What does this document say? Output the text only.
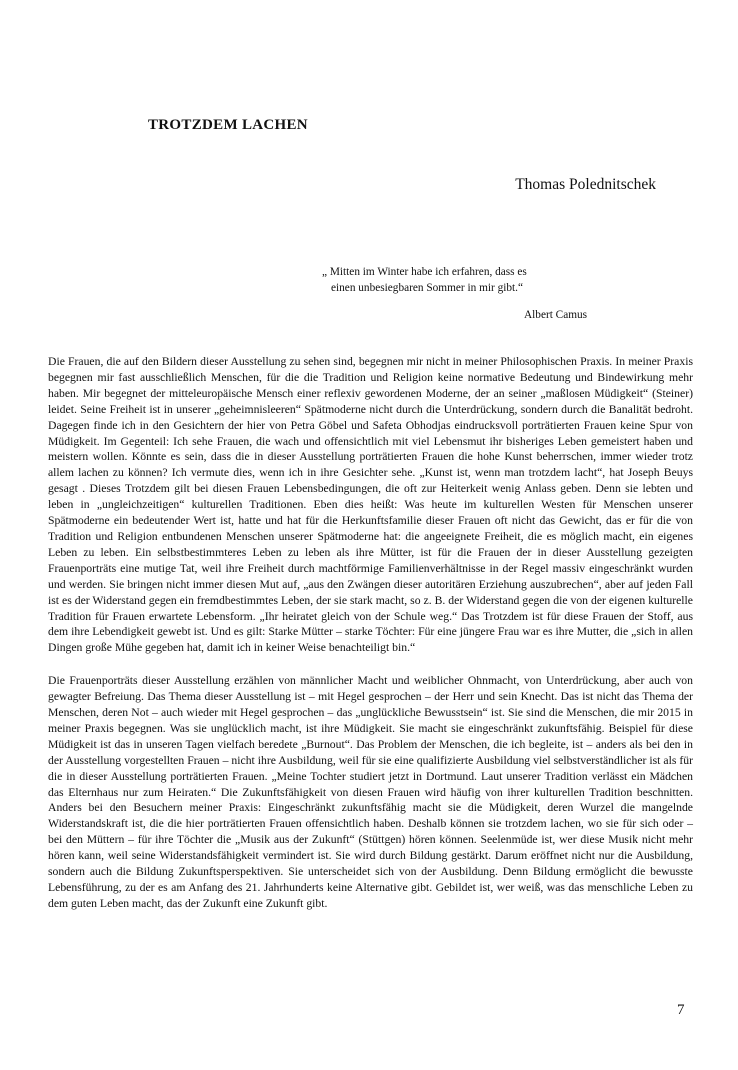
TROTZDEM LACHEN

Thomas Polednitschek

„ Mitten im Winter habe ich erfahren, dass es
einen unbesiegbaren Sommer in mir gibt.“

Albert Camus

Die Frauen, die auf den Bildern dieser Ausstellung zu sehen sind, begegnen mir nicht in meiner Philosophischen Praxis. In meiner Praxis begegnen mir fast ausschließlich Menschen, für die die Tradition und Religion keine normative Bedeutung und Bindewirkung mehr haben. Mir begegnet der mitteleuropäische Mensch einer reflexiv gewordenen Moderne, der an seiner „maßlosen Müdigkeit“ (Steiner) leidet. Seine Freiheit ist in unserer „geheimnisleeren“ Spätmoderne nicht durch die Unterdrückung, sondern durch die Banalität bedroht. Dagegen finde ich in den Gesichtern der hier von Petra Göbel und Safeta Obhodjas eindrucksvoll porträtierten Frauen keine Spur von Müdigkeit. Im Gegenteil: Ich sehe Frauen, die wach und offensichtlich mit viel Lebensmut ihr bisheriges Leben gemeistert haben und meistern wollen. Könnte es sein, dass die in dieser Ausstellung porträtierten Frauen die hohe Kunst beherrschen, immer wieder trotz allem lachen zu können? Ich vermute dies, wenn ich in ihre Gesichter sehe. „Kunst ist, wenn man trotzdem lacht“, hat Joseph Beuys gesagt . Dieses Trotzdem gilt bei diesen Frauen Lebensbedingungen, die oft zur Heiterkeit wenig Anlass geben. Denn sie lebten und leben in „ungleichzeitigen“ kulturellen Traditionen. Eben dies heißt: Was heute im kulturellen Westen für Menschen unserer Spätmoderne ein bedeutender Wert ist, hatte und hat für die Herkunftsfamilie dieser Frauen oft nicht das Gewicht, das er für die von Tradition und Religion entbundenen Menschen unserer Spätmoderne hat: die angeeignete Freiheit, die es möglich macht, ein eigenes Leben zu leben. Ein selbstbestimmteres Leben zu leben als ihre Mütter, ist für die Frauen der in dieser Ausstellung gezeigten Frauenporträts eine mutige Tat, weil ihre Freiheit durch machtförmige Familienverhältnisse in der Regel massiv eingeschränkt wurden und werden. Sie bringen nicht immer diesen Mut auf, „aus den Zwängen dieser autoritären Erziehung auszubrechen“, aber auf jeden Fall ist es der Widerstand gegen ein fremdbestimmtes Leben, der sie stark macht, so z. B. der Widerstand gegen die von der eigenen kulturelle Tradition für Frauen erwartete Lebensform. „Ihr heiratet gleich von der Schule weg.“ Das Trotzdem ist für diese Frauen der Stoff, aus dem ihre Lebendigkeit gewebt ist. Und es gilt: Starke Mütter – starke Töchter: Für eine jüngere Frau war es ihre Mutter, die „sich in allen Dingen große Mühe gegeben hat, damit ich in keiner Weise benachteiligt bin.“

Die Frauenporträts dieser Ausstellung erzählen von männlicher Macht und weiblicher Ohnmacht, von Unterdrückung, aber auch von gewagter Befreiung. Das Thema dieser Ausstellung ist – mit Hegel gesprochen – der Herr und sein Knecht. Das ist nicht das Thema der Menschen, deren Not – auch wieder mit Hegel gesprochen – das „unglückliche Bewusstsein“ ist. Sie sind die Menschen, die mir 2015 in meiner Praxis begegnen. Was sie unglücklich macht, ist ihre Müdigkeit. Sie macht sie eingeschränkt zukunftsfähig. Beispiel für diese Müdigkeit ist das in unseren Tagen vielfach beredete „Burnout“. Das Problem der Menschen, die ich begleite, ist – anders als bei den in der Ausstellung vorgestellten Frauen – nicht ihre Ausbildung, weil für sie eine qualifizierte Ausbildung viel selbstverständlicher ist als für die in dieser Ausstellung porträtierten Frauen. „Meine Tochter studiert jetzt in Dortmund. Laut unserer Tradition verlässt ein Mädchen das Elternhaus nur zum Heiraten.“ Die Zukunftsfähigkeit von diesen Frauen wird häufig von ihrer kulturellen Tradition beschnitten. Anders bei den Besuchern meiner Praxis: Eingeschränkt zukunftsfähig macht sie die Müdigkeit, deren Wurzel die mangelnde Widerstandskraft ist, die die hier porträtierten Frauen offensichtlich haben. Deshalb können sie trotzdem lachen, wo sie für sich oder – bei den Müttern – für ihre Töchter die „Musik aus der Zukunft“ (Stüttgen) hören können. Seelenmüde ist, wer diese Musik nicht mehr hören kann, weil seine Widerstandsfähigkeit vermindert ist. Sie wird durch Bildung gestärkt. Darum eröffnet nicht nur die Ausbildung, sondern auch die Bildung Zukunftsperspektiven. Sie unterscheidet sich von der Ausbildung. Denn Bildung ermöglicht die bewusste Lebensführung, zu der es am Anfang des 21. Jahrhunderts keine Alternative gibt. Gebildet ist, wer weiß, was das menschliche Leben zu dem guten Leben macht, das der Zukunft eine Zukunft gibt.

7
